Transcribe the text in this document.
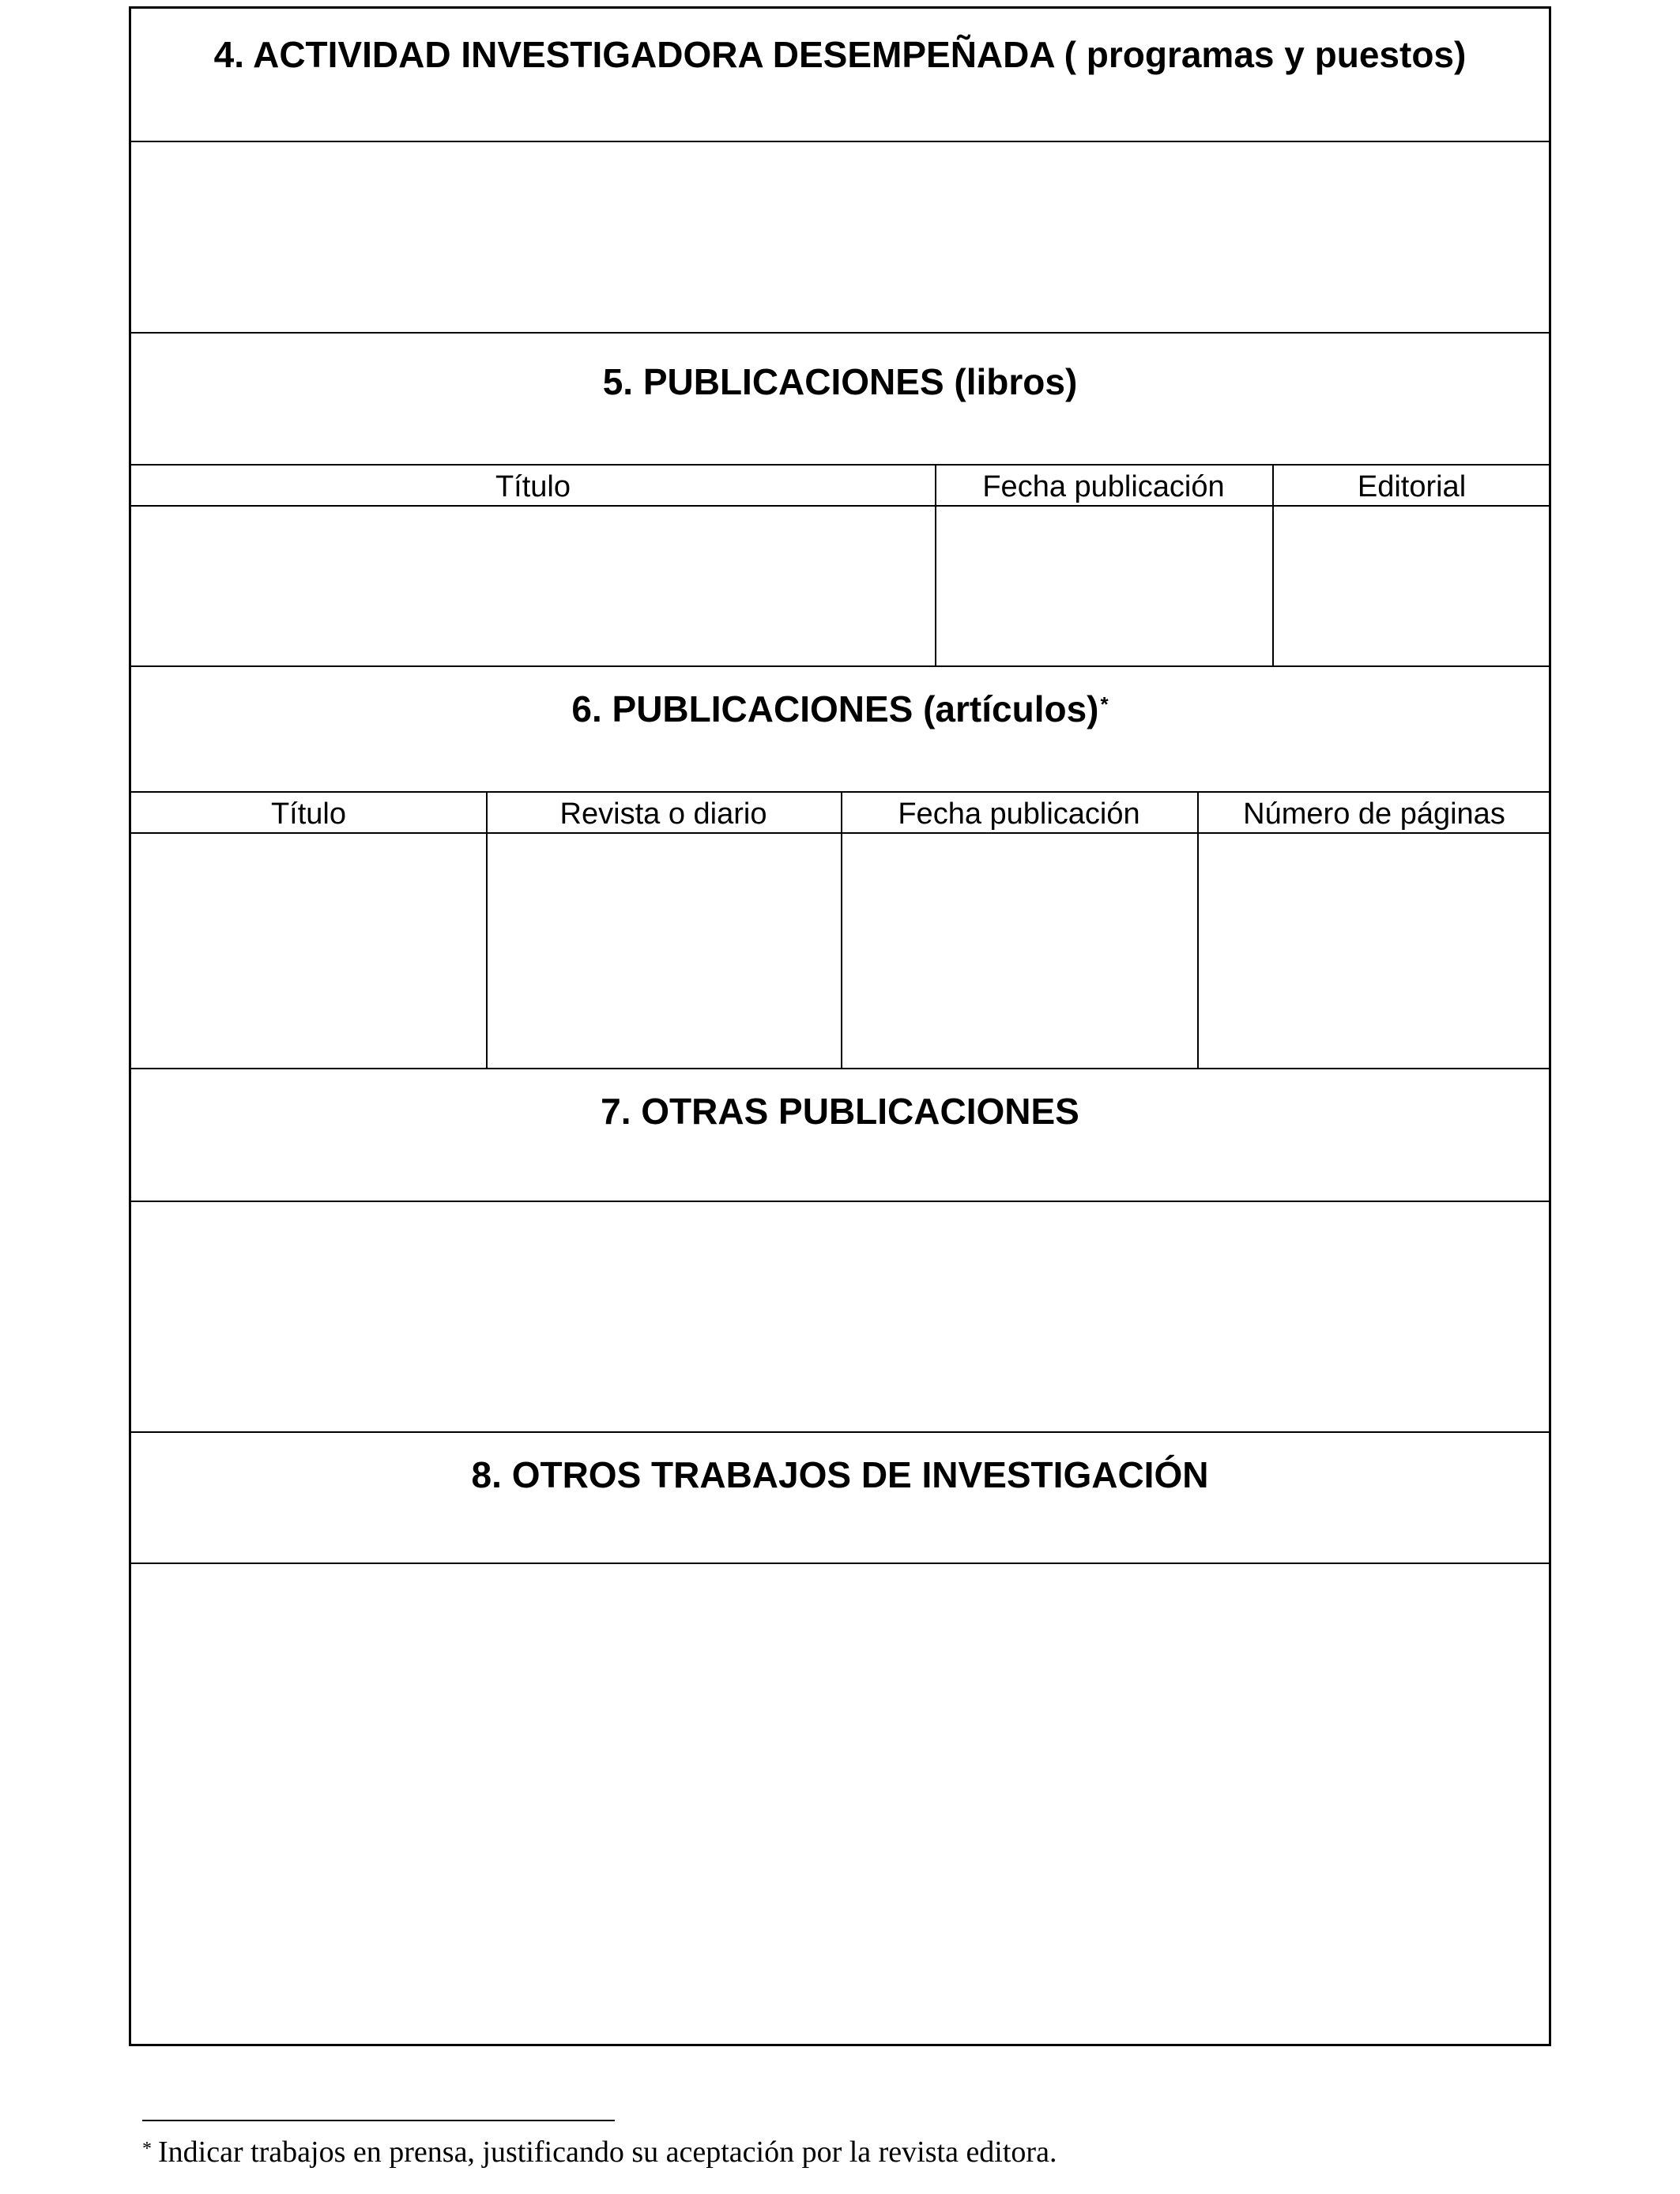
4. ACTIVIDAD INVESTIGADORA DESEMPEÑADA ( programas y puestos)
5. PUBLICACIONES (libros)
Título	Fecha publicación	Editorial
6. PUBLICACIONES (artículos)*
Título	Revista o diario	Fecha publicación	Número de páginas
7. OTRAS PUBLICACIONES
8. OTROS TRABAJOS DE INVESTIGACIÓN
* Indicar trabajos en prensa, justificando su aceptación por la revista editora.
